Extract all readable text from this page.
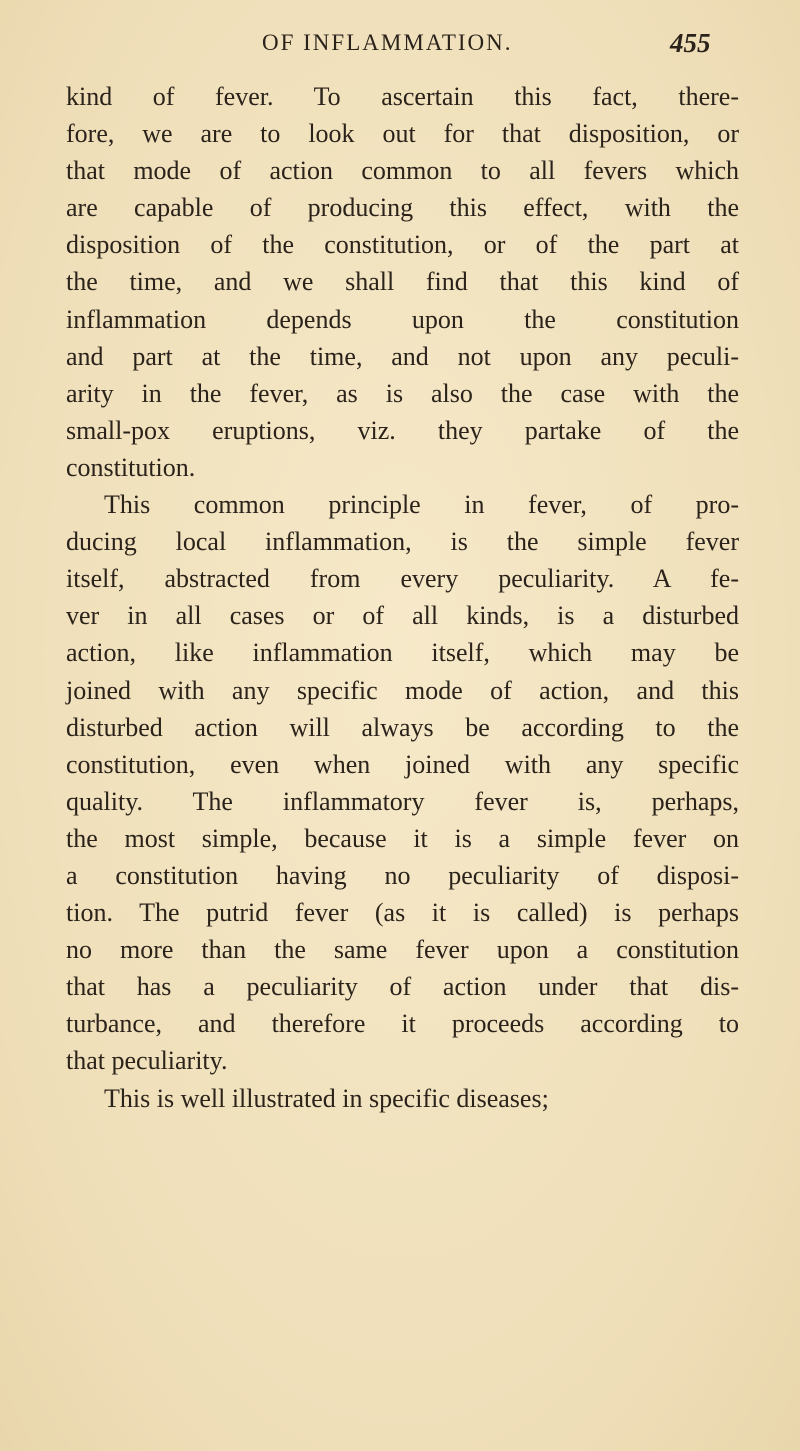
OF INFLAMMATION.	455
kind of fever. To ascertain this fact, there-
fore, we are to look out for that disposition, or
that mode of action common to all fevers which
are capable of producing this effect, with the
disposition of the constitution, or of the part at
the time, and we shall find that this kind of
inflammation depends upon the constitution
and part at the time, and not upon any peculi-
arity in the fever, as is also the case with the
small-pox eruptions, viz. they partake of the
constitution.
This common principle in fever, of pro-
ducing local inflammation, is the simple fever
itself, abstracted from every peculiarity. A fe-
ver in all cases or of all kinds, is a disturbed
action, like inflammation itself, which may be
joined with any specific mode of action, and this
disturbed action will always be according to the
constitution, even when joined with any specific
quality. The inflammatory fever is, perhaps,
the most simple, because it is a simple fever on
a constitution having no peculiarity of disposi-
tion. The putrid fever (as it is called) is perhaps
no more than the same fever upon a constitution
that has a peculiarity of action under that dis-
turbance, and therefore it proceeds according to
that peculiarity.
This is well illustrated in specific diseases;
